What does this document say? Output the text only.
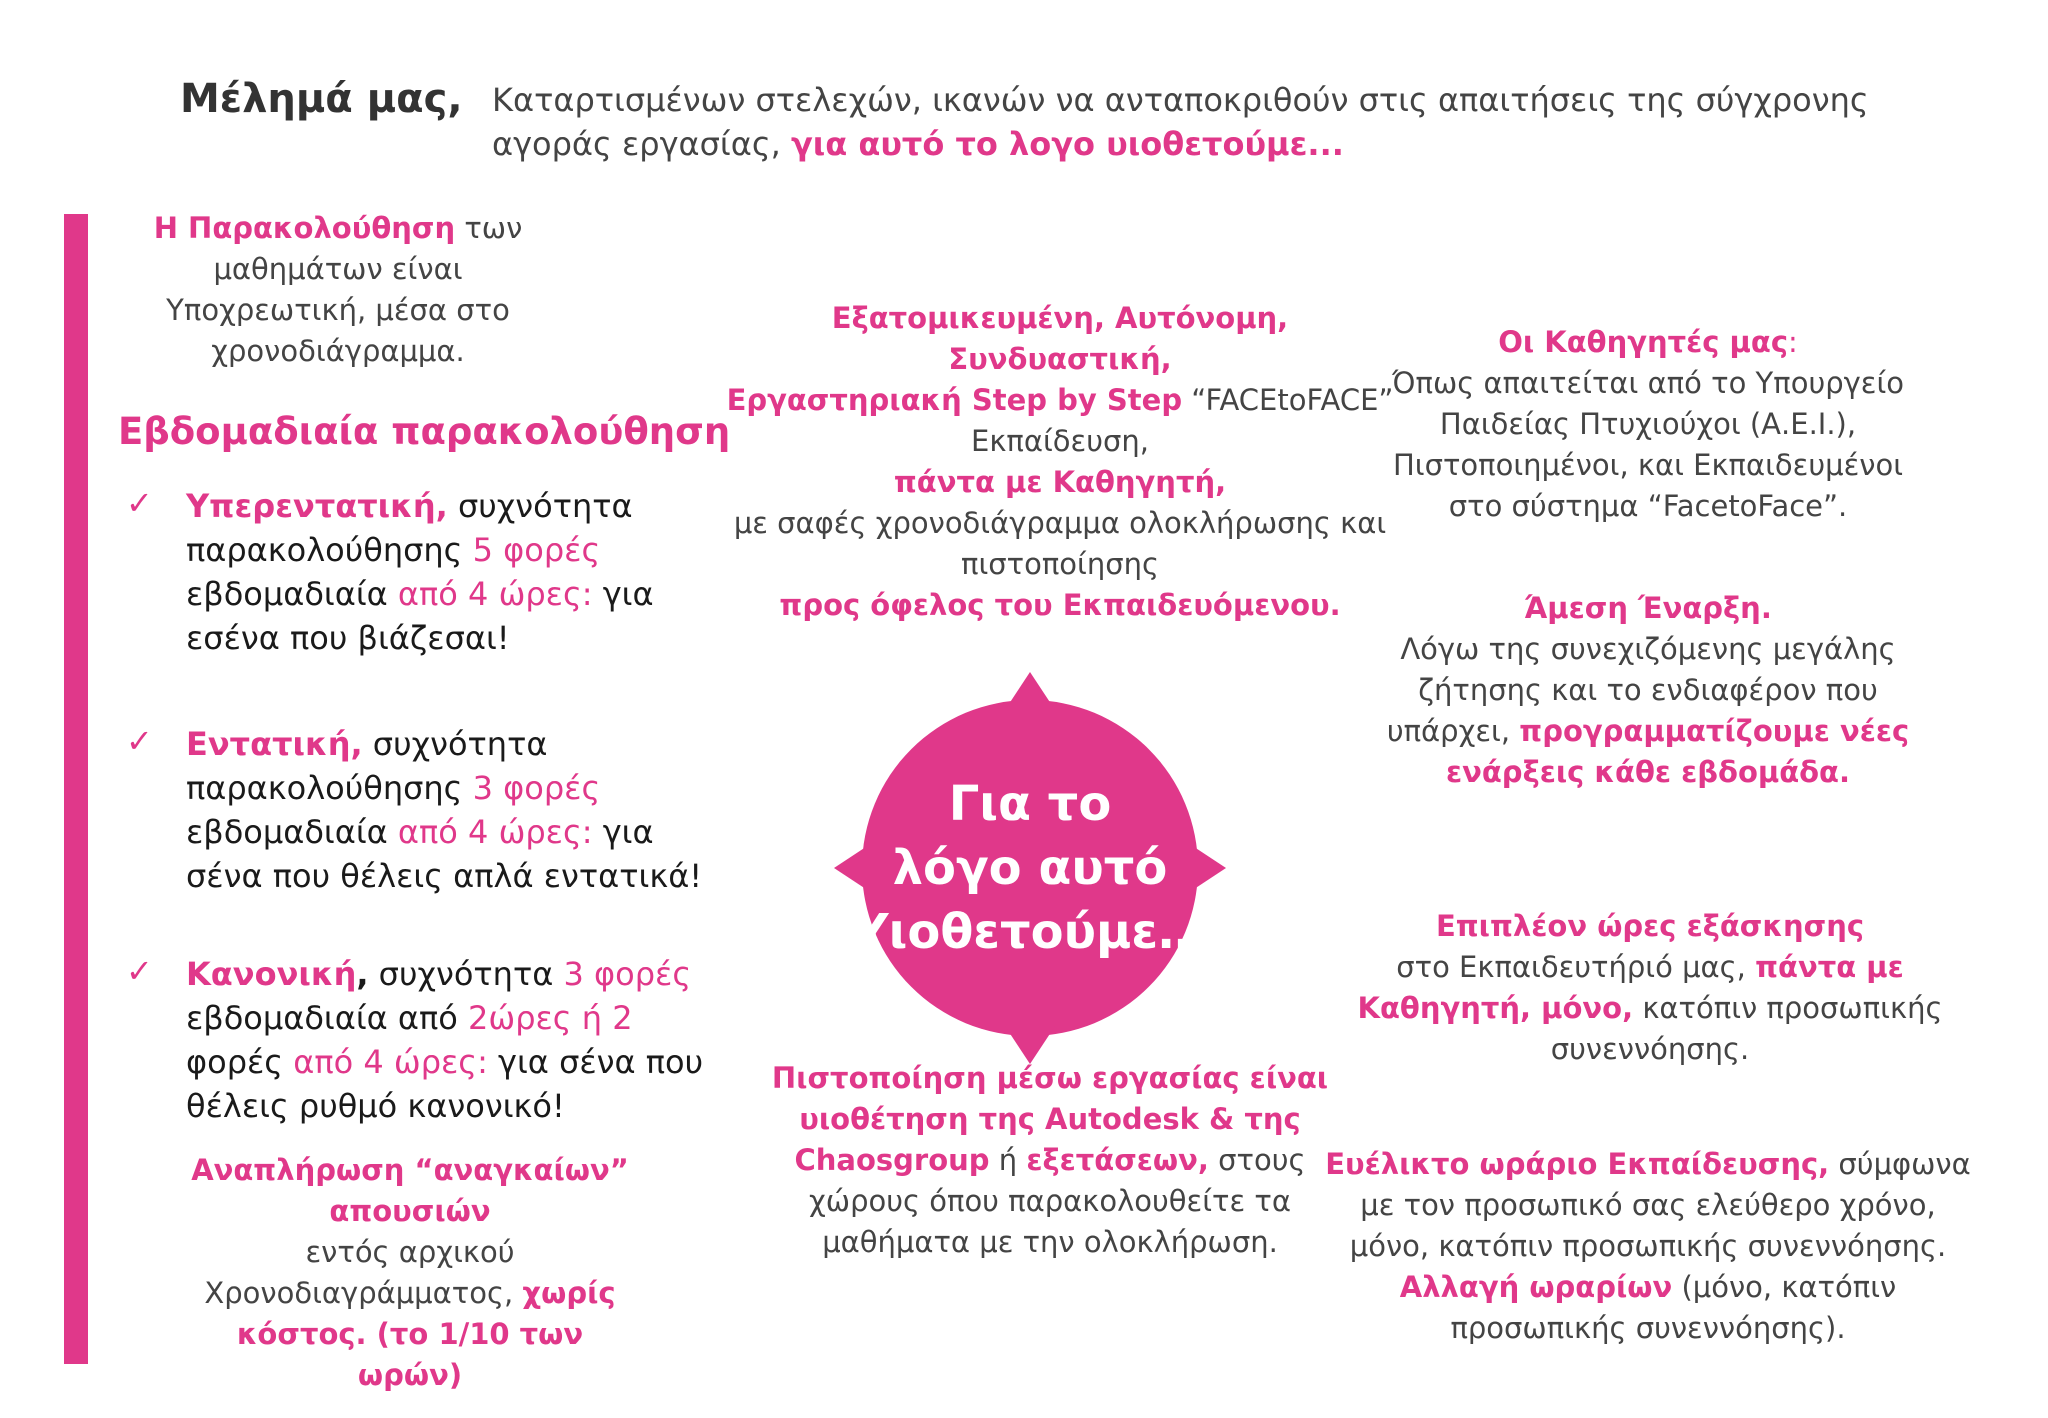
Μέλημά μας, Καταρτισμένων στελεχών, ικανών να ανταποκριθούν στις απαιτήσεις της σύγχρονης αγοράς εργασίας, για αυτό το λογο υιοθετούμε...
Η Παρακολούθηση των μαθημάτων είναι Υποχρεωτική, μέσα στο χρονοδιάγραμμα.
Εβδομαδιαία παρακολούθηση
✓ Υπερεντατική, συχνότητα παρακολούθησης 5 φορές εβδομαδιαία από 4 ώρες: για εσένα που βιάζεσαι!
✓ Εντατική, συχνότητα παρακολούθησης 3 φορές εβδομαδιαία από 4 ώρες: για σένα που θέλεις απλά εντατικά!
✓ Κανονική, συχνότητα 3 φορές εβδομαδιαία από 2ώρες ή 2 φορές από 4 ώρες: για σένα που θέλεις ρυθμό κανονικό!
Αναπλήρωση “αναγκαίων” απουσιών
εντός αρχικού Χρονοδιαγράμματος, χωρίς κόστος. (το 1/10 των ωρών)
Εξατομικευμένη, Αυτόνομη, Συνδυαστική,
Εργαστηριακή Step by Step “FACEtoFACE”
Εκπαίδευση,
πάντα με Καθηγητή,
με σαφές χρονοδιάγραμμα ολοκλήρωσης και πιστοποίησης
προς όφελος του Εκπαιδευόμενου.
Για το
λόγο αυτό
Υιοθετούμε…
Πιστοποίηση μέσω εργασίας είναι υιοθέτηση της Autodesk & της Chaosgroup ή εξετάσεων, στους χώρους όπου παρακολουθείτε τα μαθήματα με την ολοκλήρωση.
Οι Καθηγητές μας:
Όπως απαιτείται από το Υπουργείο Παιδείας Πτυχιούχοι (Α.Ε.Ι.), Πιστοποιημένοι, και Εκπαιδευμένοι στο σύστημα “FacetoFace”.
Άμεση Έναρξη.
Λόγω της συνεχιζόμενης μεγάλης ζήτησης και το ενδιαφέρον που υπάρχει, προγραμματίζουμε νέες ενάρξεις κάθε εβδομάδα.
Επιπλέον ώρες εξάσκησης
στο Εκπαιδευτήριό μας, πάντα με Καθηγητή, μόνο, κατόπιν προσωπικής συνεννόησης.
Ευέλικτο ωράριο Εκπαίδευσης, σύμφωνα με τον προσωπικό σας ελεύθερο χρόνο, μόνο, κατόπιν προσωπικής συνεννόησης.
Αλλαγή ωραρίων (μόνο, κατόπιν προσωπικής συνεννόησης).
